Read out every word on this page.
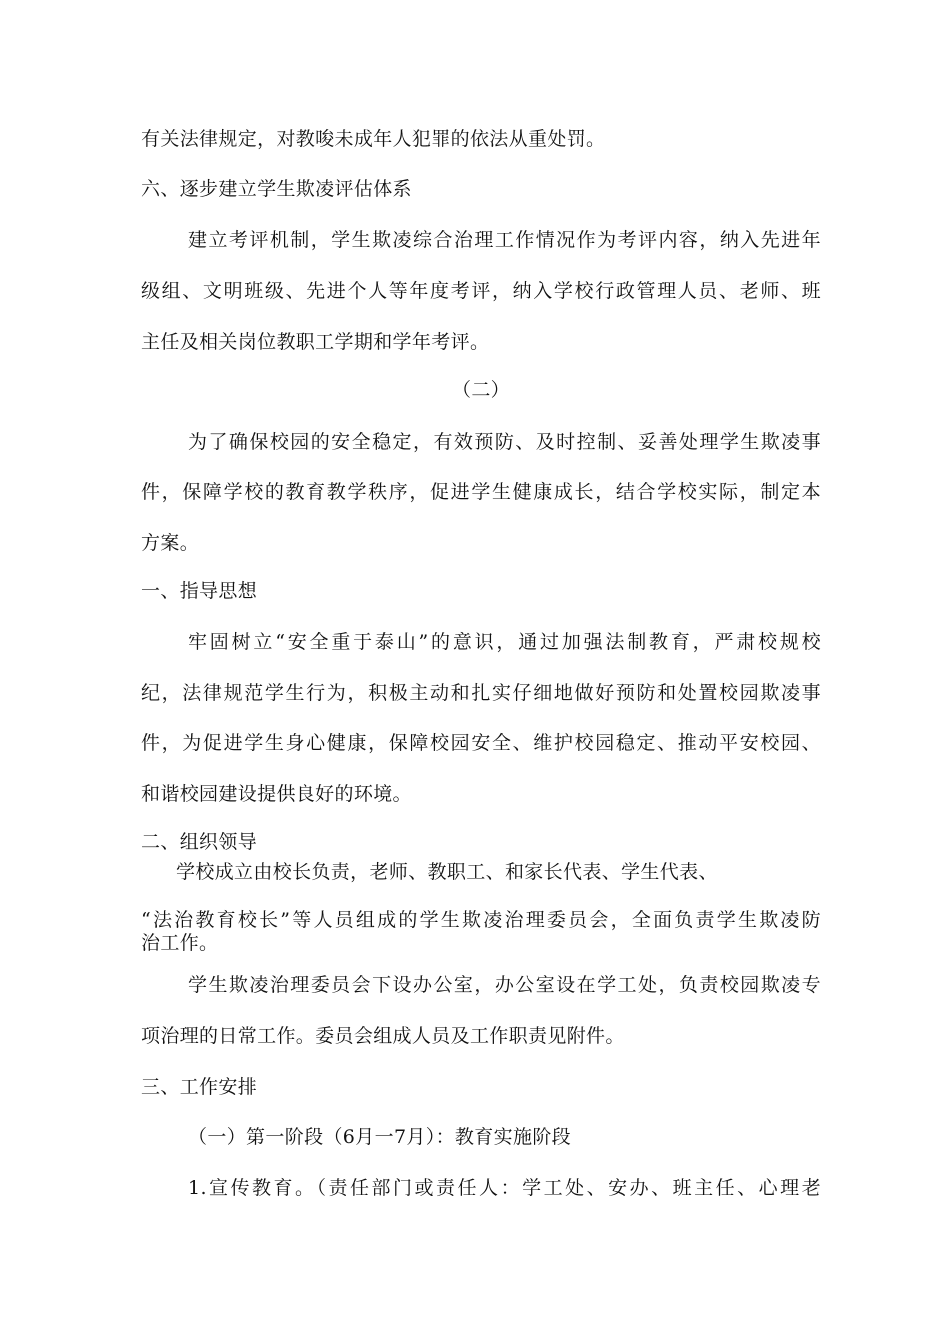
有关法律规定，对教唆未成年人犯罪的依法从重处罚。
六、逐步建立学生欺凌评估体系
建立考评机制，学生欺凌综合治理工作情况作为考评内容，纳入先进年
级组、文明班级、先进个人等年度考评，纳入学校行政管理人员、老师、班
主任及相关岗位教职工学期和学年考评。
（二）
为了确保校园的安全稳定，有效预防、及时控制、妥善处理学生欺凌事
件，保障学校的教育教学秩序，促进学生健康成长，结合学校实际，制定本
方案。
一、指导思想
牢固树立“安全重于泰山”的意识，通过加强法制教育，严肃校规校
纪，法律规范学生行为，积极主动和扎实仔细地做好预防和处置校园欺凌事
件，为促进学生身心健康，保障校园安全、维护校园稳定、推动平安校园、
和谐校园建设提供良好的环境。
二、组织领导
学校成立由校长负责，老师、教职工、和家长代表、学生代表、
“法治教育校长”等人员组成的学生欺凌治理委员会，全面负责学生欺凌防
治工作。
学生欺凌治理委员会下设办公室，办公室设在学工处，负责校园欺凌专
项治理的日常工作。委员会组成人员及工作职责见附件。
三、工作安排
（一）第一阶段（6月一7月）：教育实施阶段
1.宣传教育。（责任部门或责任人：学工处、安办、班主任、心理老
